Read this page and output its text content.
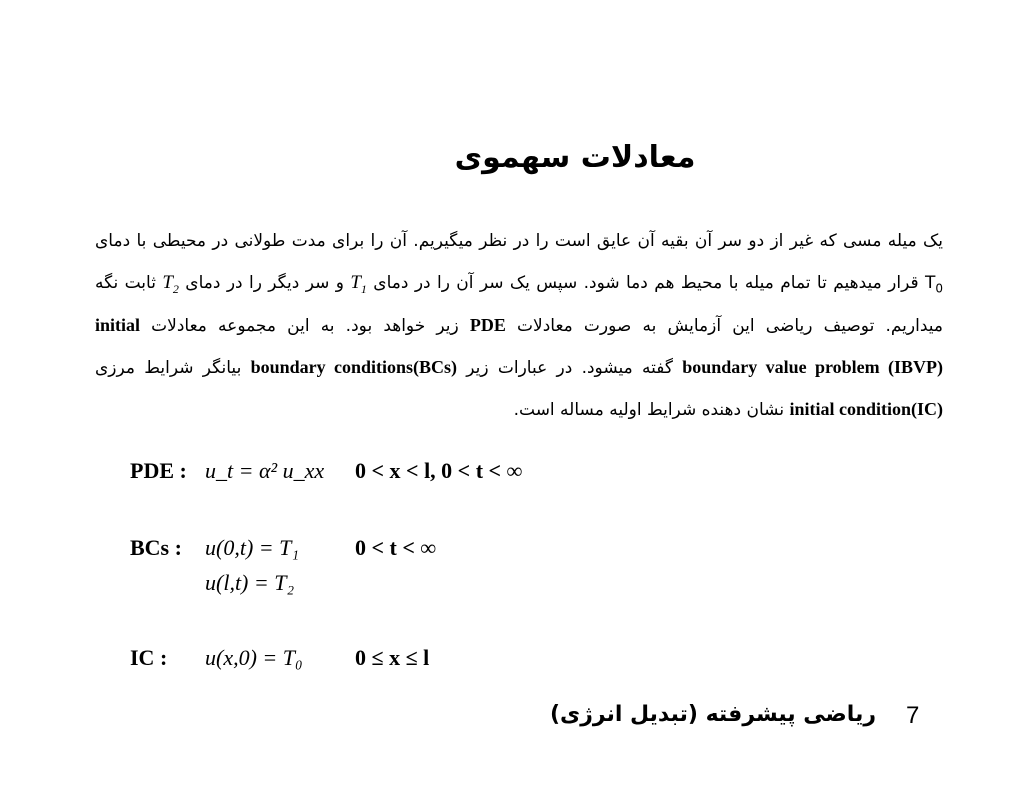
معادلات سهموی
یک میله مسی که غیر از دو سر آن بقیه آن عایق است را در نظر میگیریم. آن را برای مدت طولانی در محیطی با دمای
$T_0$ قرار میدهیم تا تمام میله با محیط هم دما شود. سپس یک سر آن را در دمای $T_1$ و سر دیگر را در دمای $T_2$ ثابت نگه
میداریم. توصیف ریاضی این آزمایش به صورت معادلات PDE زیر خواهد بود. به این مجموعه معادلات initial
boundary value problem (IBVP) گفته میشود. در عبارات زیر boundary conditions(BCs) بیانگر شرایط مرزی
initial condition(IC) نشان دهنده شرایط اولیه مساله است.
PDE : u_t = α² u_xx 0 < x < l, 0 < t < ∞
BCs : u(0,t) = T₁	0 < t < ∞
u(l,t) = T₂
IC : u(x,0) = T₀ 0 ≤ x ≤ l
7
ریاضی پیشرفته (تبدیل انرژی)
